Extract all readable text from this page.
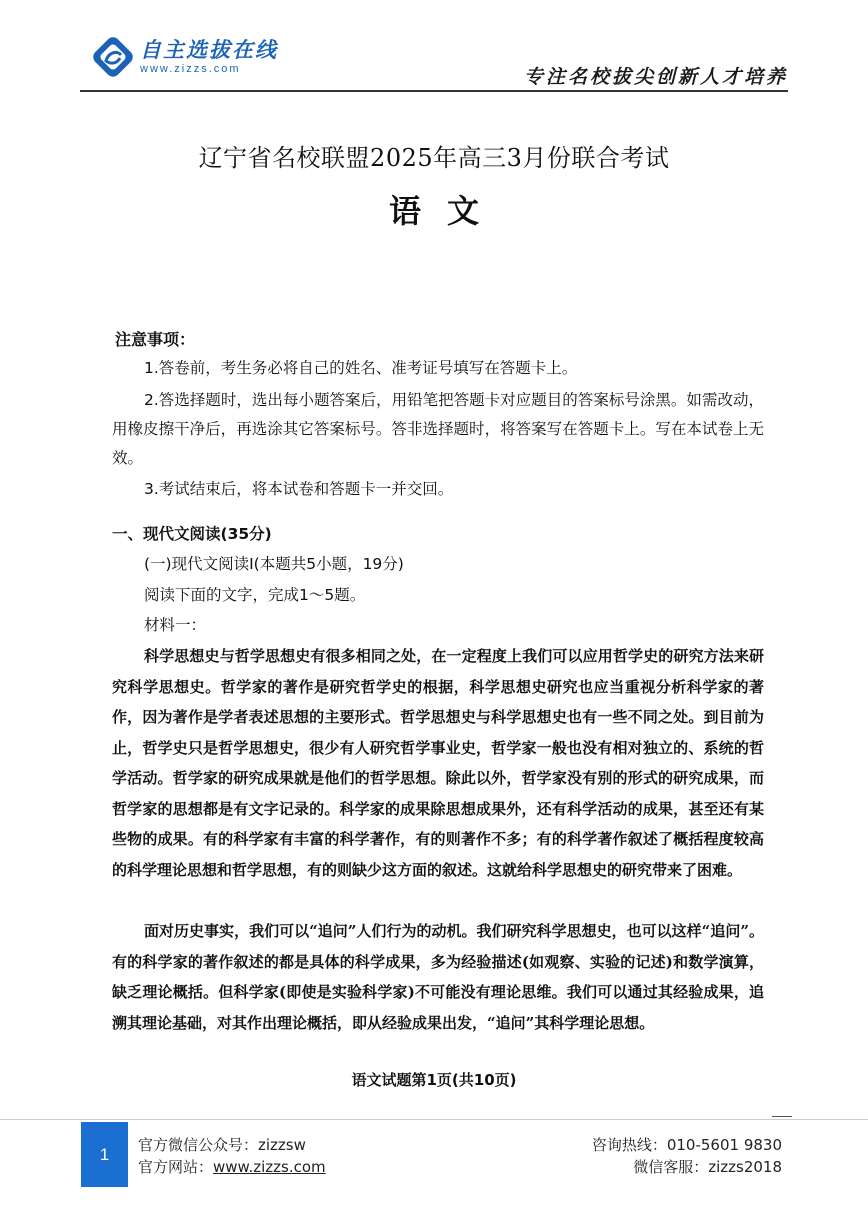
自主选拔在线
www.zizzs.com	专注名校拔尖创新人才培养
辽宁省名校联盟2025年高三3月份联合考试
语文
注意事项：
1.答卷前，考生务必将自己的姓名、准考证号填写在答题卡上。
2.答选择题时，选出每小题答案后，用铅笔把答题卡对应题目的答案标号涂黑。如需改动，用橡皮擦干净后，再选涂其它答案标号。答非选择题时，将答案写在答题卡上。写在本试卷上无效。
3.考试结束后，将本试卷和答题卡一并交回。
一、现代文阅读(35分)
(一)现代文阅读Ⅰ(本题共5小题，19分)
阅读下面的文字，完成1～5题。
材料一：
科学思想史与哲学思想史有很多相同之处，在一定程度上我们可以应用哲学史的研究方法来研究科学思想史。哲学家的著作是研究哲学史的根据，科学思想史研究也应当重视分析科学家的著作，因为著作是学者表述思想的主要形式。哲学思想史与科学思想史也有一些不同之处。到目前为止，哲学史只是哲学思想史，很少有人研究哲学事业史，哲学家一般也没有相对独立的、系统的哲学活动。哲学家的研究成果就是他们的哲学思想。除此以外，哲学家没有别的形式的研究成果，而哲学家的思想都是有文字记录的。科学家的成果除思想成果外，还有科学活动的成果，甚至还有某些物的成果。有的科学家有丰富的科学著作，有的则著作不多；有的科学著作叙述了概括程度较高的科学理论思想和哲学思想，有的则缺少这方面的叙述。这就给科学思想史的研究带来了困难。
面对历史事实，我们可以“追问”人们行为的动机。我们研究科学思想史，也可以这样“追问”。有的科学家的著作叙述的都是具体的科学成果，多为经验描述(如观察、实验的记述)和数学演算，缺乏理论概括。但科学家(即使是实验科学家)不可能没有理论思维。我们可以通过其经验成果，追溯其理论基础，对其作出理论概括，即从经验成果出发，“追问”其科学理论思想。
语文试题第1页(共10页)
1	官方微信公众号：zizzsw
官方网站：www.zizzs.com
咨询热线：010-5601 9830
微信客服：zizzs2018
